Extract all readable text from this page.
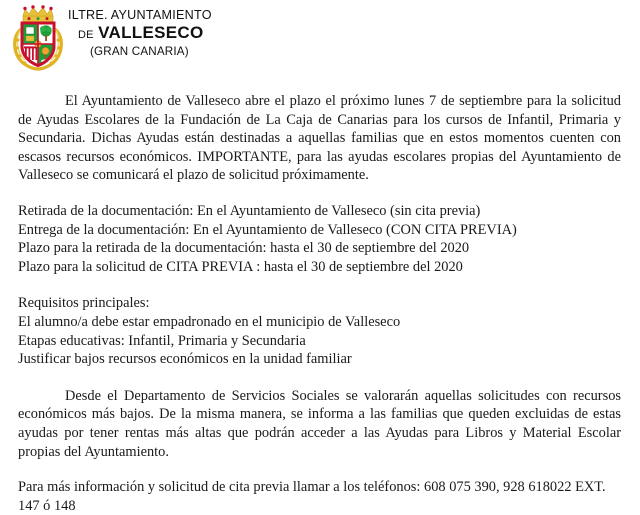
ILTRE. AYUNTAMIENTO
DE VALLESECO
(GRAN CANARIA)

El Ayuntamiento de Valleseco abre el plazo el próximo lunes 7 de septiembre para la solicitud de Ayudas Escolares de la Fundación de La Caja de Canarias para los cursos de Infantil, Primaria y Secundaria. Dichas Ayudas están destinadas a aquellas familias que en estos momentos cuenten con escasos recursos económicos. IMPORTANTE, para las ayudas escolares propias del Ayuntamiento de Valleseco se comunicará el plazo de solicitud próximamente.

Retirada de la documentación: En el Ayuntamiento de Valleseco (sin cita previa)
Entrega de la documentación: En el Ayuntamiento de Valleseco (CON CITA PREVIA)
Plazo para la retirada de la documentación: hasta el 30 de septiembre del 2020
Plazo para la solicitud de CITA PREVIA : hasta el 30 de septiembre del 2020
Requisitos principales:
El alumno/a debe estar empadronado en el municipio de Valleseco
Etapas educativas: Infantil, Primaria y Secundaria
Justificar bajos recursos económicos en la unidad familiar

Desde el Departamento de Servicios Sociales se valorarán aquellas solicitudes con recursos económicos más bajos. De la misma manera, se informa a las familias que queden excluidas de estas ayudas por tener rentas más altas que podrán acceder a las Ayudas para Libros y Material Escolar propias del Ayuntamiento.

Para más información y solicitud de cita previa llamar a los teléfonos: 608 075 390, 928 618022 EXT. 147 ó 148
